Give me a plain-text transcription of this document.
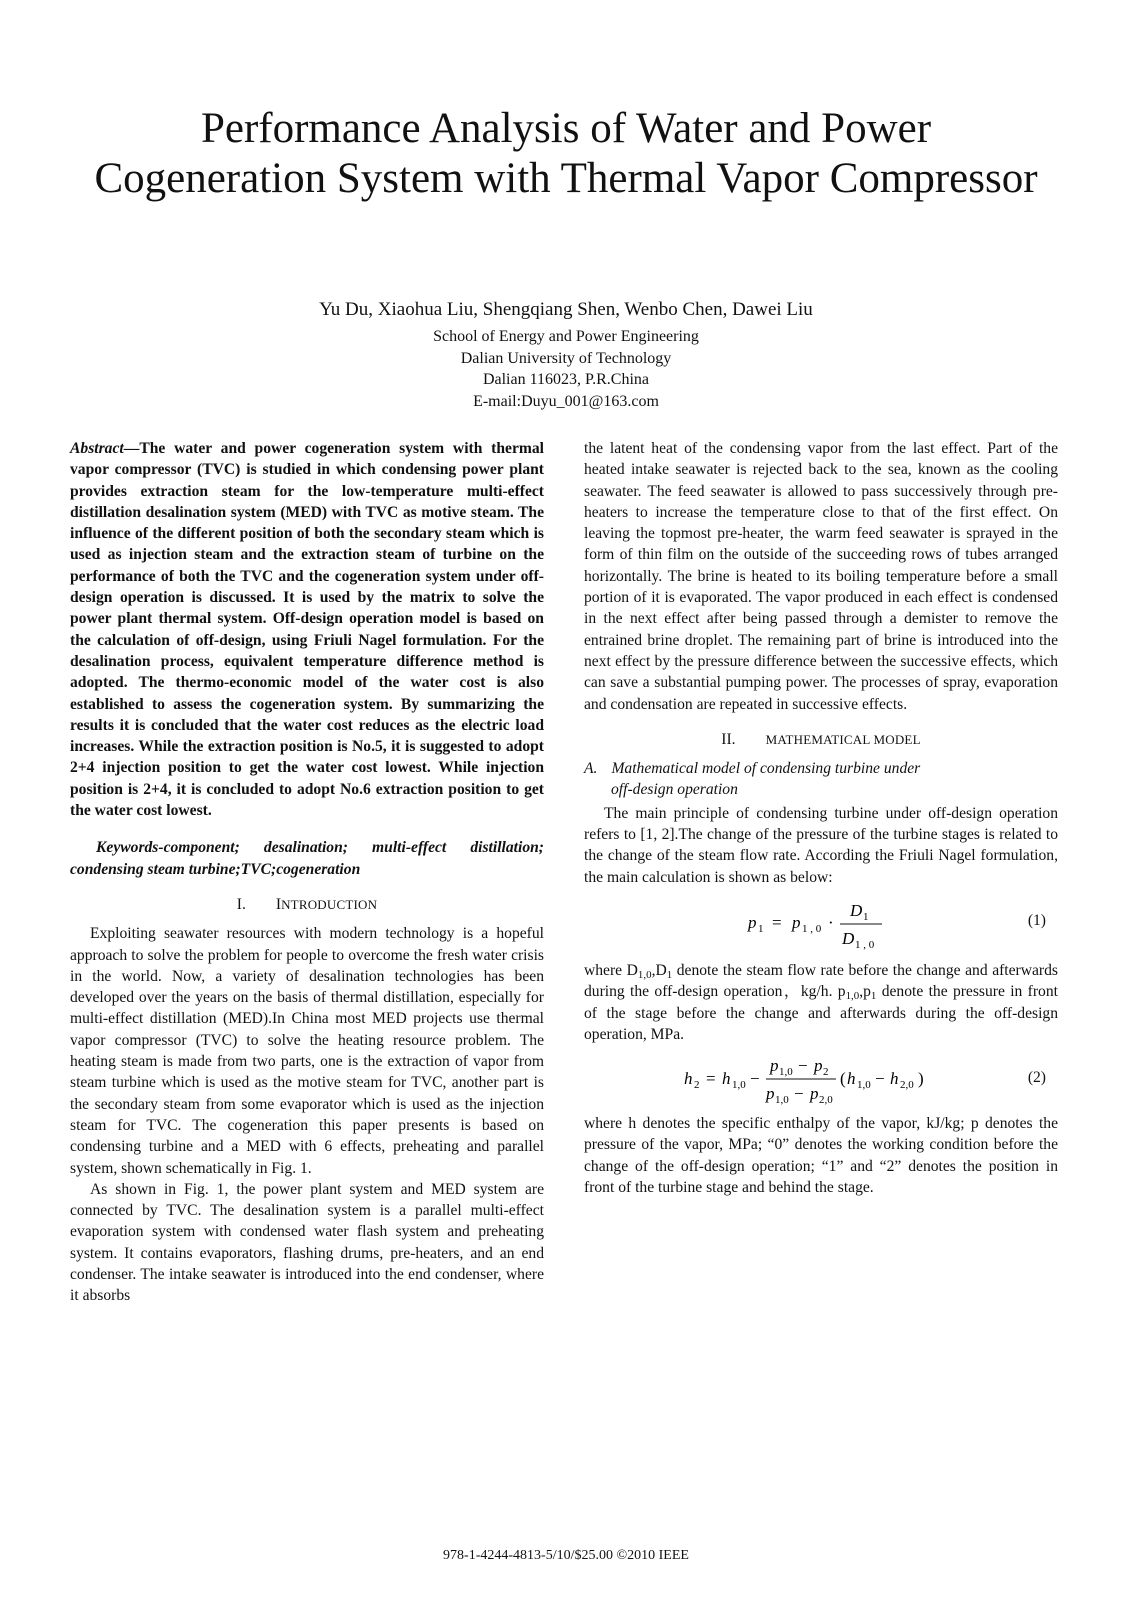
Performance Analysis of Water and Power Cogeneration System with Thermal Vapor Compressor
Yu Du, Xiaohua Liu, Shengqiang Shen, Wenbo Chen, Dawei Liu
School of Energy and Power Engineering
Dalian University of Technology
Dalian 116023, P.R.China
E-mail:Duyu_001@163.com

Abstract—The water and power cogeneration system with thermal vapor compressor (TVC) is studied in which condensing power plant provides extraction steam for the low-temperature multi-effect distillation desalination system (MED) with TVC as motive steam. The influence of the different position of both the secondary steam which is used as injection steam and the extraction steam of turbine on the performance of both the TVC and the cogeneration system under off-design operation is discussed. It is used by the matrix to solve the power plant thermal system. Off-design operation model is based on the calculation of off-design, using Friuli Nagel formulation. For the desalination process, equivalent temperature difference method is adopted. The thermo-economic model of the water cost is also established to assess the cogeneration system. By summarizing the results it is concluded that the water cost reduces as the electric load increases. While the extraction position is No.5, it is suggested to adopt 2+4 injection position to get the water cost lowest. While injection position is 2+4, it is concluded to adopt No.6 extraction position to get the water cost lowest.

Keywords-component; desalination; multi-effect distillation; condensing steam turbine;TVC;cogeneration

I. INTRODUCTION

Exploiting seawater resources with modern technology is a hopeful approach to solve the problem for people to overcome the fresh water crisis in the world. Now, a variety of desalination technologies has been developed over the years on the basis of thermal distillation, especially for multi-effect distillation (MED).In China most MED projects use thermal vapor compressor (TVC) to solve the heating resource problem. The heating steam is made from two parts, one is the extraction of vapor from steam turbine which is used as the motive steam for TVC, another part is the secondary steam from some evaporator which is used as the injection steam for TVC. The cogeneration this paper presents is based on condensing turbine and a MED with 6 effects, preheating and parallel system, shown schematically in Fig. 1.

As shown in Fig. 1, the power plant system and MED system are connected by TVC. The desalination system is a parallel multi-effect evaporation system with condensed water flash system and preheating system. It contains evaporators, flashing drums, pre-heaters, and an end condenser. The intake seawater is introduced into the end condenser, where it absorbs

the latent heat of the condensing vapor from the last effect. Part of the heated intake seawater is rejected back to the sea, known as the cooling seawater. The feed seawater is allowed to pass successively through pre-heaters to increase the temperature close to that of the first effect. On leaving the topmost pre-heater, the warm feed seawater is sprayed in the form of thin film on the outside of the succeeding rows of tubes arranged horizontally. The brine is heated to its boiling temperature before a small portion of it is evaporated. The vapor produced in each effect is condensed in the next effect after being passed through a demister to remove the entrained brine droplet. The remaining part of brine is introduced into the next effect by the pressure difference between the successive effects, which can save a substantial pumping power. The processes of spray, evaporation and condensation are repeated in successive effects.

II. MATHEMATICAL MODEL

A. Mathematical model of condensing turbine under
off-design operation

The main principle of condensing turbine under off-design operation refers to [1, 2].The change of the pressure of the turbine stages is related to the change of the steam flow rate. According the Friuli Nagel formulation, the main calculation is shown as below:

p 1 = p 1 , 0 ·
D 1
D 1 , 0
(1)

where $D_{1,0},D_1$ denote the steam flow rate before the change and afterwards during the off-design operation，kg/h. $p_{1,0},p_1$ denote the pressure in front of the stage before the change and afterwards during the off-design operation, MPa.

h 2 = h 1,0 −
p 1,0 − p 2
p 1,0 − p 2,0
( h 1,0 − h 2,0 )	(2)

where h denotes the specific enthalpy of the vapor, kJ/kg; p denotes the pressure of the vapor, MPa; “0” denotes the working condition before the change of the off-design operation; “1” and “2” denotes the position in front of the turbine stage and behind the stage.

978-1-4244-4813-5/10/$25.00 ©2010 IEEE
